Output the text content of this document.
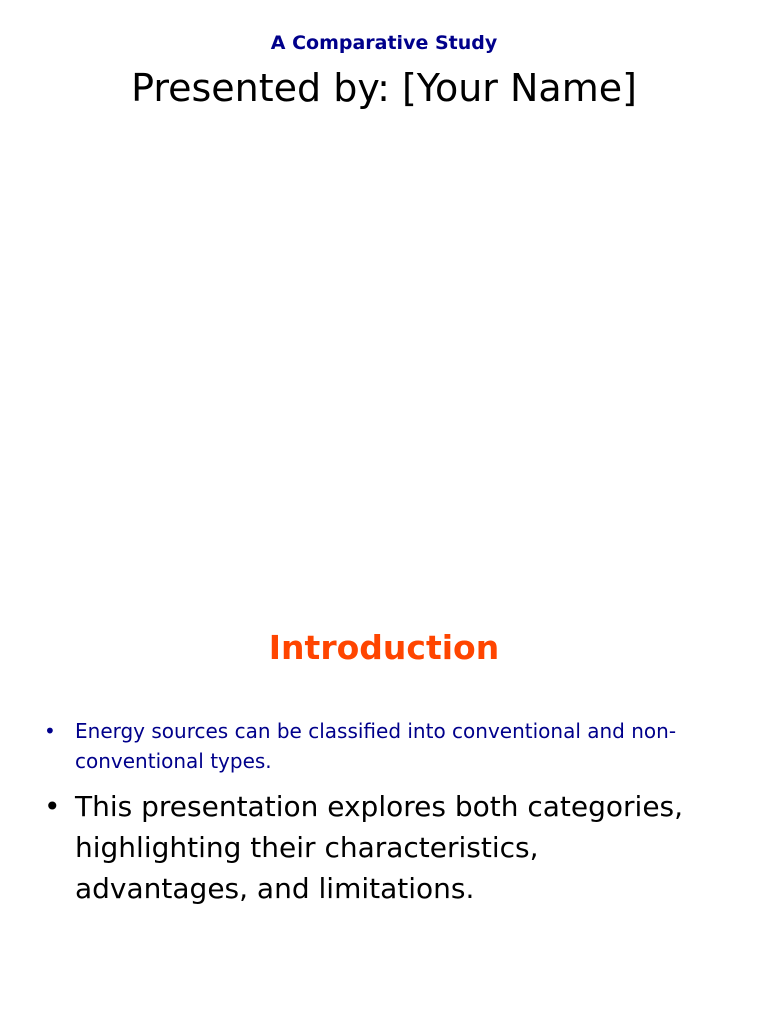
A Comparative Study
Presented by: [Your Name]
Introduction
• Energy sources can be classified into conventional and non-conventional types.
• This presentation explores both categories, highlighting their characteristics, advantages, and limitations.
